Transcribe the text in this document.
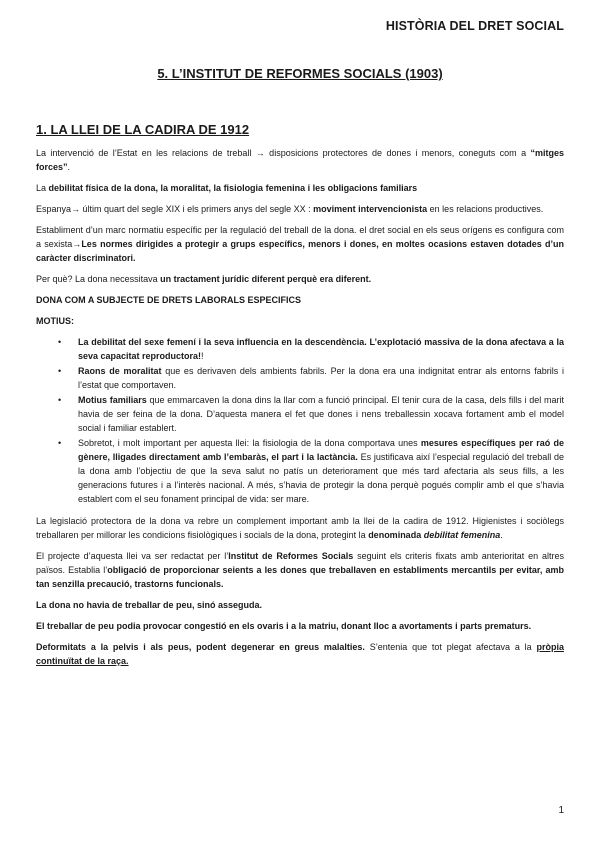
HISTÒRIA DEL DRET SOCIAL
5. L’INSTITUT DE REFORMES SOCIALS (1903)
1. LA LLEI DE LA CADIRA DE 1912

La intervenció de l’Estat en les relacions de treball → disposicions protectores de dones i menors, coneguts com a “mitges forces”.

La debilitat física de la dona, la moralitat, la fisiologia femenina i les obligacions familiars

Espanya→ últim quart del segle XIX i els primers anys del segle XX : moviment intervencionista en les relacions productives.

Establiment d’un marc normatiu específic per la regulació del treball de la dona. el dret social en els seus orígens es configura com a sexista→Les normes dirigides a protegir a grups específics, menors i dones, en moltes ocasions estaven dotades d’un caràcter discriminatori.

Per què? La dona necessitava un tractament jurídic diferent perquè era diferent.

DONA COM A SUBJECTE DE DRETS LABORALS ESPECIFICS

MOTIUS:

• La debilitat del sexe femení i la seva influencia en la descendència. L’explotació massiva de la dona afectava a la seva capacitat reproductora!!
• Raons de moralitat que es derivaven dels ambients fabrils. Per la dona era una indignitat entrar als entorns fabrils i l’estat que comportaven.
• Motius familiars que emmarcaven la dona dins la llar com a funció principal. El tenir cura de la casa, dels fills i del marit havia de ser feina de la dona. D’aquesta manera el fet que dones i nens treballessin xocava fortament amb el model social i familiar establert.
• Sobretot, i molt important per aquesta llei: la fisiologia de la dona comportava unes mesures específiques per raó de gènere, lligades directament amb l’embaràs, el part i la lactància. Es justificava així l’especial regulació del treball de la dona amb l’objectiu de que la seva salut no patís un deteriorament que més tard afectaria als seus fills, a les generacions futures i a l’interès nacional. A més, s’havia de protegir la dona perquè pogués complir amb el que s’havia establert com el seu fonament principal de vida: ser mare.

La legislació protectora de la dona va rebre un complement important amb la llei de la cadira de 1912. Higienistes i sociòlegs treballaren per millorar les condicions fisiològiques i socials de la dona, protegint la denominada debilitat femenina.

El projecte d’aquesta llei va ser redactat per l’Institut de Reformes Socials seguint els criteris fixats amb anterioritat en altres països. Establia l’obligació de proporcionar seients a les dones que treballaven en establiments mercantils per evitar, amb tan senzilla precaució, trastorns funcionals.

La dona no havia de treballar de peu, sinó asseguda.

El treballar de peu podia provocar congestió en els ovaris i a la matriu, donant lloc a avortaments i parts prematurs.

Deformitats a la pelvis i als peus, podent degenerar en greus malalties. S’entenia que tot plegat afectava a la pròpia continuïtat de la raça.

1
